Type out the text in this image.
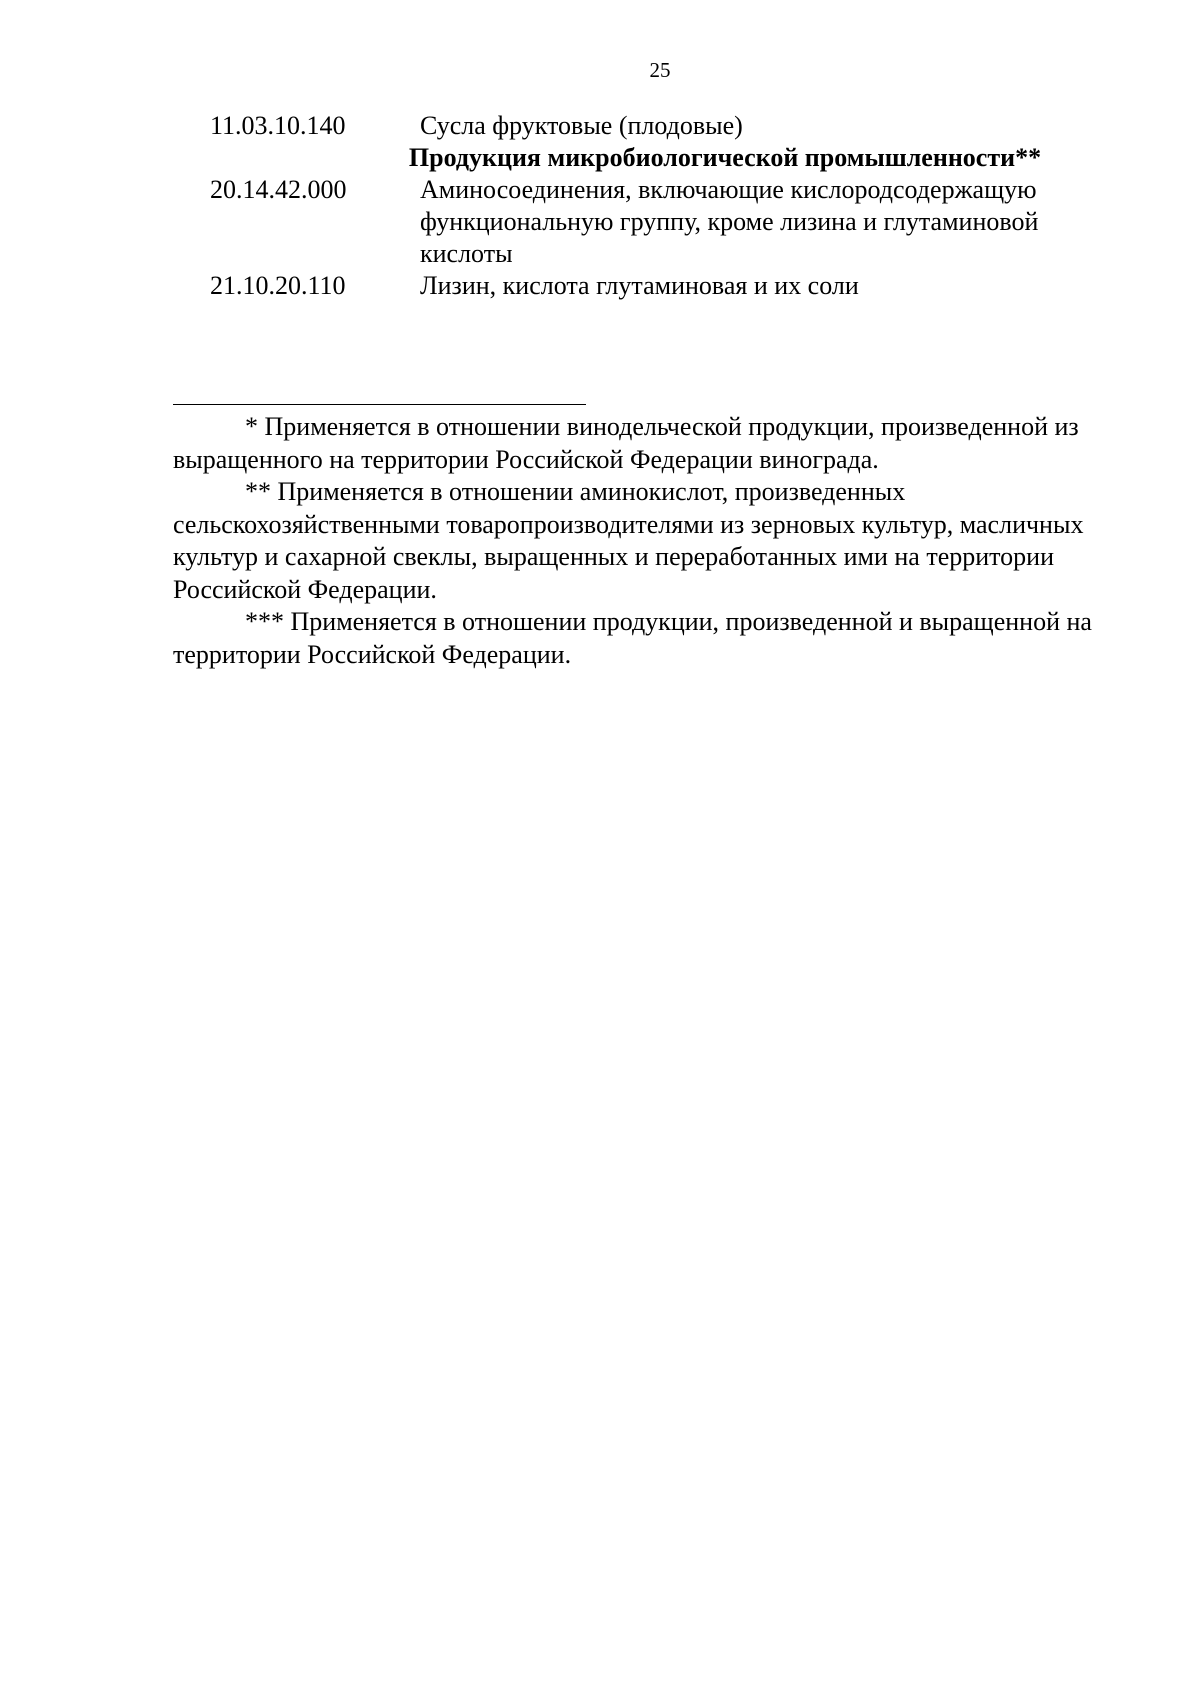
25
11.03.10.140	Сусла фруктовые (плодовые)
Продукция микробиологической промышленности**
20.14.42.000	Аминосоединения, включающие кислородсодержащую функциональную группу, кроме лизина и глутаминовой кислоты
21.10.20.110	Лизин, кислота глутаминовая и их соли

* Применяется в отношении винодельческой продукции, произведенной из выращенного на территории Российской Федерации винограда.

** Применяется в отношении аминокислот, произведенных сельскохозяйственными товаропроизводителями из зерновых культур, масличных культур и сахарной свеклы, выращенных и переработанных ими на территории Российской Федерации.

*** Применяется в отношении продукции, произведенной и выращенной на территории Российской Федерации.
